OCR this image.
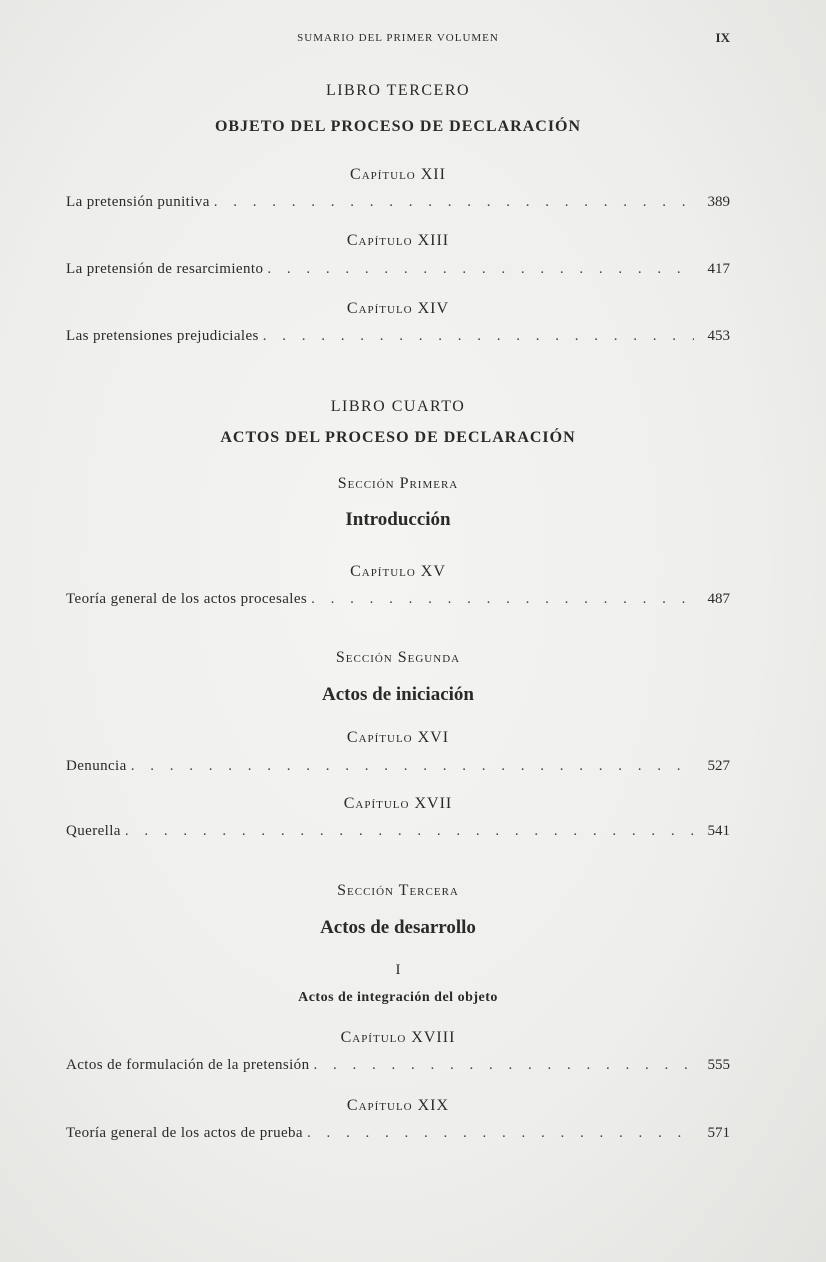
SUMARIO DEL PRIMER VOLUMEN	IX
LIBRO TERCERO
OBJETO DEL PROCESO DE DECLARACIÓN
Capítulo XII
La pretensión punitiva . . .	389
Capítulo XIII
La pretensión de resarcimiento . . .	417
Capítulo XIV
Las pretensiones prejudiciales . . .	453
LIBRO CUARTO
ACTOS DEL PROCESO DE DECLARACIÓN
Sección Primera
Introducción
Capítulo XV
Teoría general de los actos procesales . . .	487
Sección Segunda
Actos de iniciación
Capítulo XVI
Denuncia . . .	527
Capítulo XVII
Querella . . .	541
Sección Tercera
Actos de desarrollo
I
Actos de integración del objeto
Capítulo XVIII
Actos de formulación de la pretensión . . .	555
Capítulo XIX
Teoría general de los actos de prueba . . .	571
